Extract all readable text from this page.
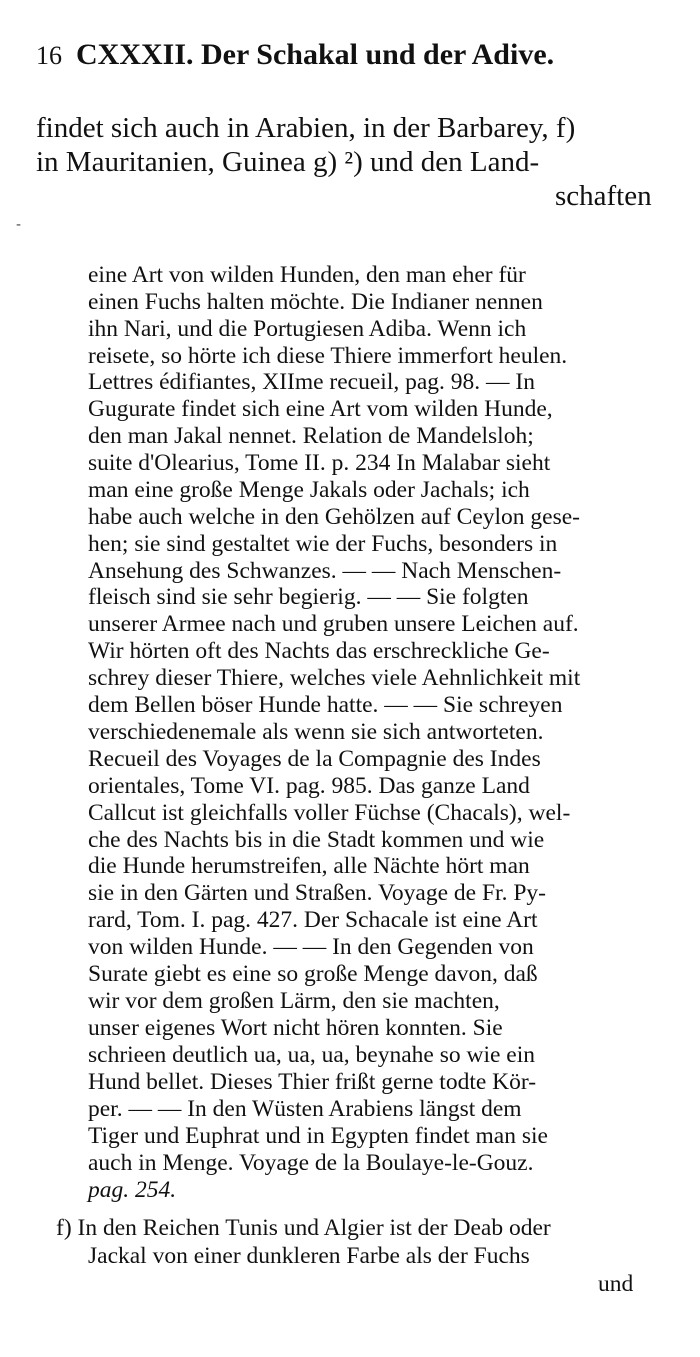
16 CXXXII. Der Schakal und der Adive.
findet sich auch in Arabien, in der Barbarey, f)
in Mauritanien, Guinea g) ²) und den Land-
schaften
-
eine Art von wilden Hunden, den man eher für
einen Fuchs halten möchte. Die Indianer nennen
ihn Nari, und die Portugiesen Adiba. Wenn ich
reisete, so hörte ich diese Thiere immerfort heulen.
Lettres édifiantes, XIIme recueil, pag. 98. — In
Gugurate findet sich eine Art vom wilden Hunde,
den man Jakal nennet. Relation de Mandelsloh;
suite d'Olearius, Tome II. p. 234 In Malabar sieht
man eine große Menge Jakals oder Jachals; ich
habe auch welche in den Gehölzen auf Ceylon gese-
hen; sie sind gestaltet wie der Fuchs, besonders in
Ansehung des Schwanzes. — — Nach Menschen-
fleisch sind sie sehr begierig. — — Sie folgten
unserer Armee nach und gruben unsere Leichen auf.
Wir hörten oft des Nachts das erschreckliche Ge-
schrey dieser Thiere, welches viele Aehnlichkeit mit
dem Bellen böser Hunde hatte. — — Sie schreyen
verschiedenemale als wenn sie sich antworteten.
Recueil des Voyages de la Compagnie des Indes
orientales, Tome VI. pag. 985. Das ganze Land
Callcut ist gleichfalls voller Füchse (Chacals), wel-
che des Nachts bis in die Stadt kommen und wie
die Hunde herumstreifen, alle Nächte hört man
sie in den Gärten und Straßen. Voyage de Fr. Py-
rard, Tom. I. pag. 427. Der Schacale ist eine Art
von wilden Hunde. — — In den Gegenden von
Surate giebt es eine so große Menge davon, daß
wir vor dem großen Lärm, den sie machten,
unser eigenes Wort nicht hören konnten. Sie
schrieen deutlich ua, ua, ua, beynahe so wie ein
Hund bellet. Dieses Thier frißt gerne todte Kör-
per. — — In den Wüsten Arabiens längst dem
Tiger und Euphrat und in Egypten findet man sie
auch in Menge. Voyage de la Boulaye-le-Gouz.
pag. 254.
f) In den Reichen Tunis und Algier ist der Deab oder
Jackal von einer dunkleren Farbe als der Fuchs
und
